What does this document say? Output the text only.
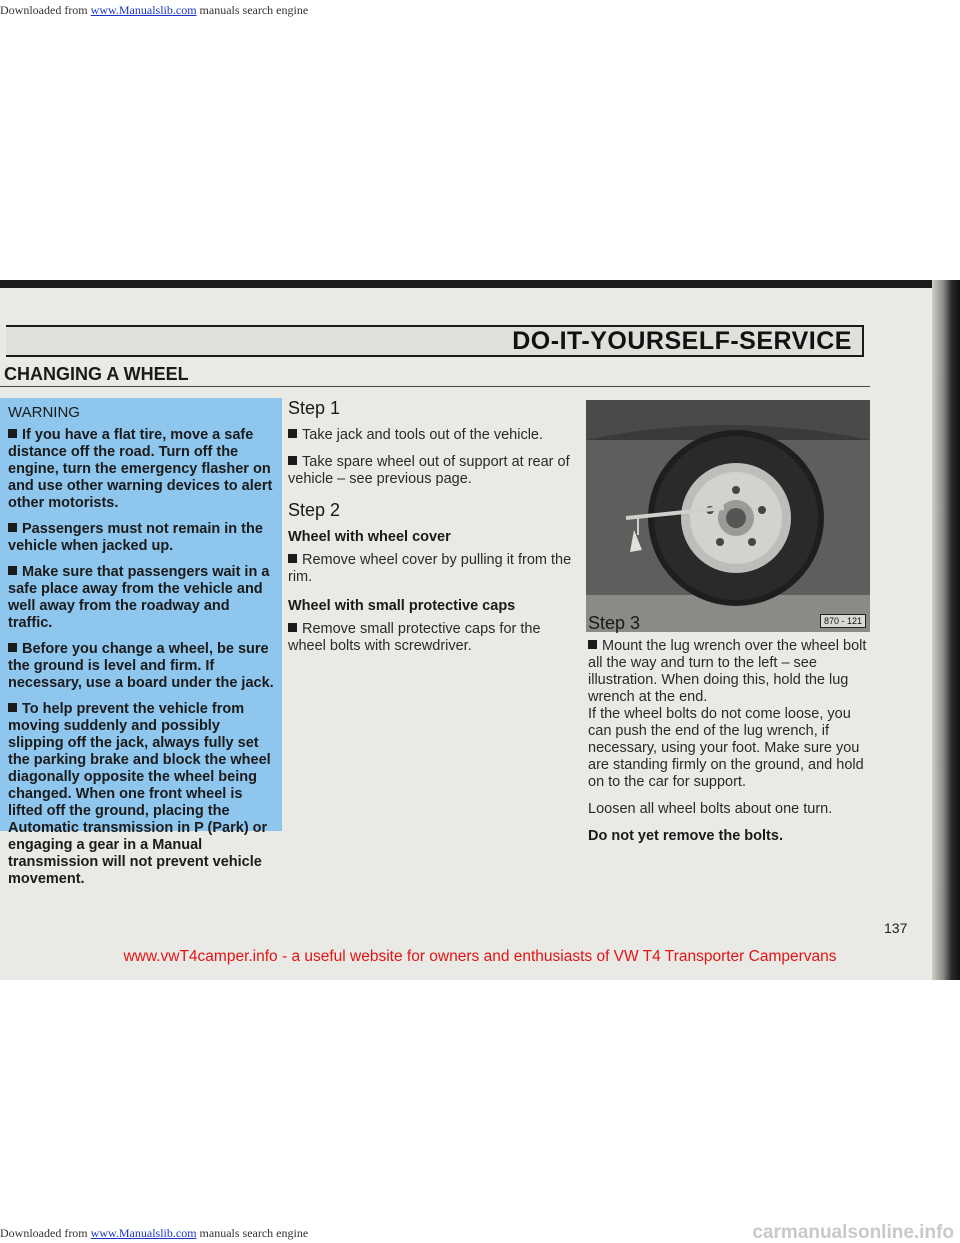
Downloaded from www.Manualslib.com manuals search engine
DO-IT-YOURSELF-SERVICE
CHANGING A WHEEL
WARNING

If you have a flat tire, move a safe distance off the road. Turn off the engine, turn the emergency flasher on and use other warning devices to alert other motorists.

Passengers must not remain in the vehicle when jacked up.

Make sure that passengers wait in a safe place away from the vehicle and well away from the roadway and traffic.

Before you change a wheel, be sure the ground is level and firm. If necessary, use a board under the jack.

To help prevent the vehicle from moving suddenly and possibly slipping off the jack, always fully set the parking brake and block the wheel diagonally opposite the wheel being changed. When one front wheel is lifted off the ground, placing the Automatic transmission in P (Park) or engaging a gear in a Manual transmission will not prevent vehicle movement.

Step 1

Take jack and tools out of the vehicle.

Take spare wheel out of support at rear of vehicle – see previous page.

Step 2
Wheel with wheel cover

Remove wheel cover by pulling it from the rim.

Wheel with small protective caps

Remove small protective caps for the wheel bolts with screwdriver.

870 - 121
Step 3

Mount the lug wrench over the wheel bolt all the way and turn to the left – see illustration. When doing this, hold the lug wrench at the end.

If the wheel bolts do not come loose, you can push the end of the lug wrench, if necessary, using your foot. Make sure you are standing firmly on the ground, and hold on to the car for support.

Loosen all wheel bolts about one turn.

Do not yet remove the bolts.

137
www.vwT4camper.info - a useful website for owners and enthusiasts of VW T4 Transporter Campervans
Downloaded from www.Manualslib.com manuals search engine	carmanualsonline.info
